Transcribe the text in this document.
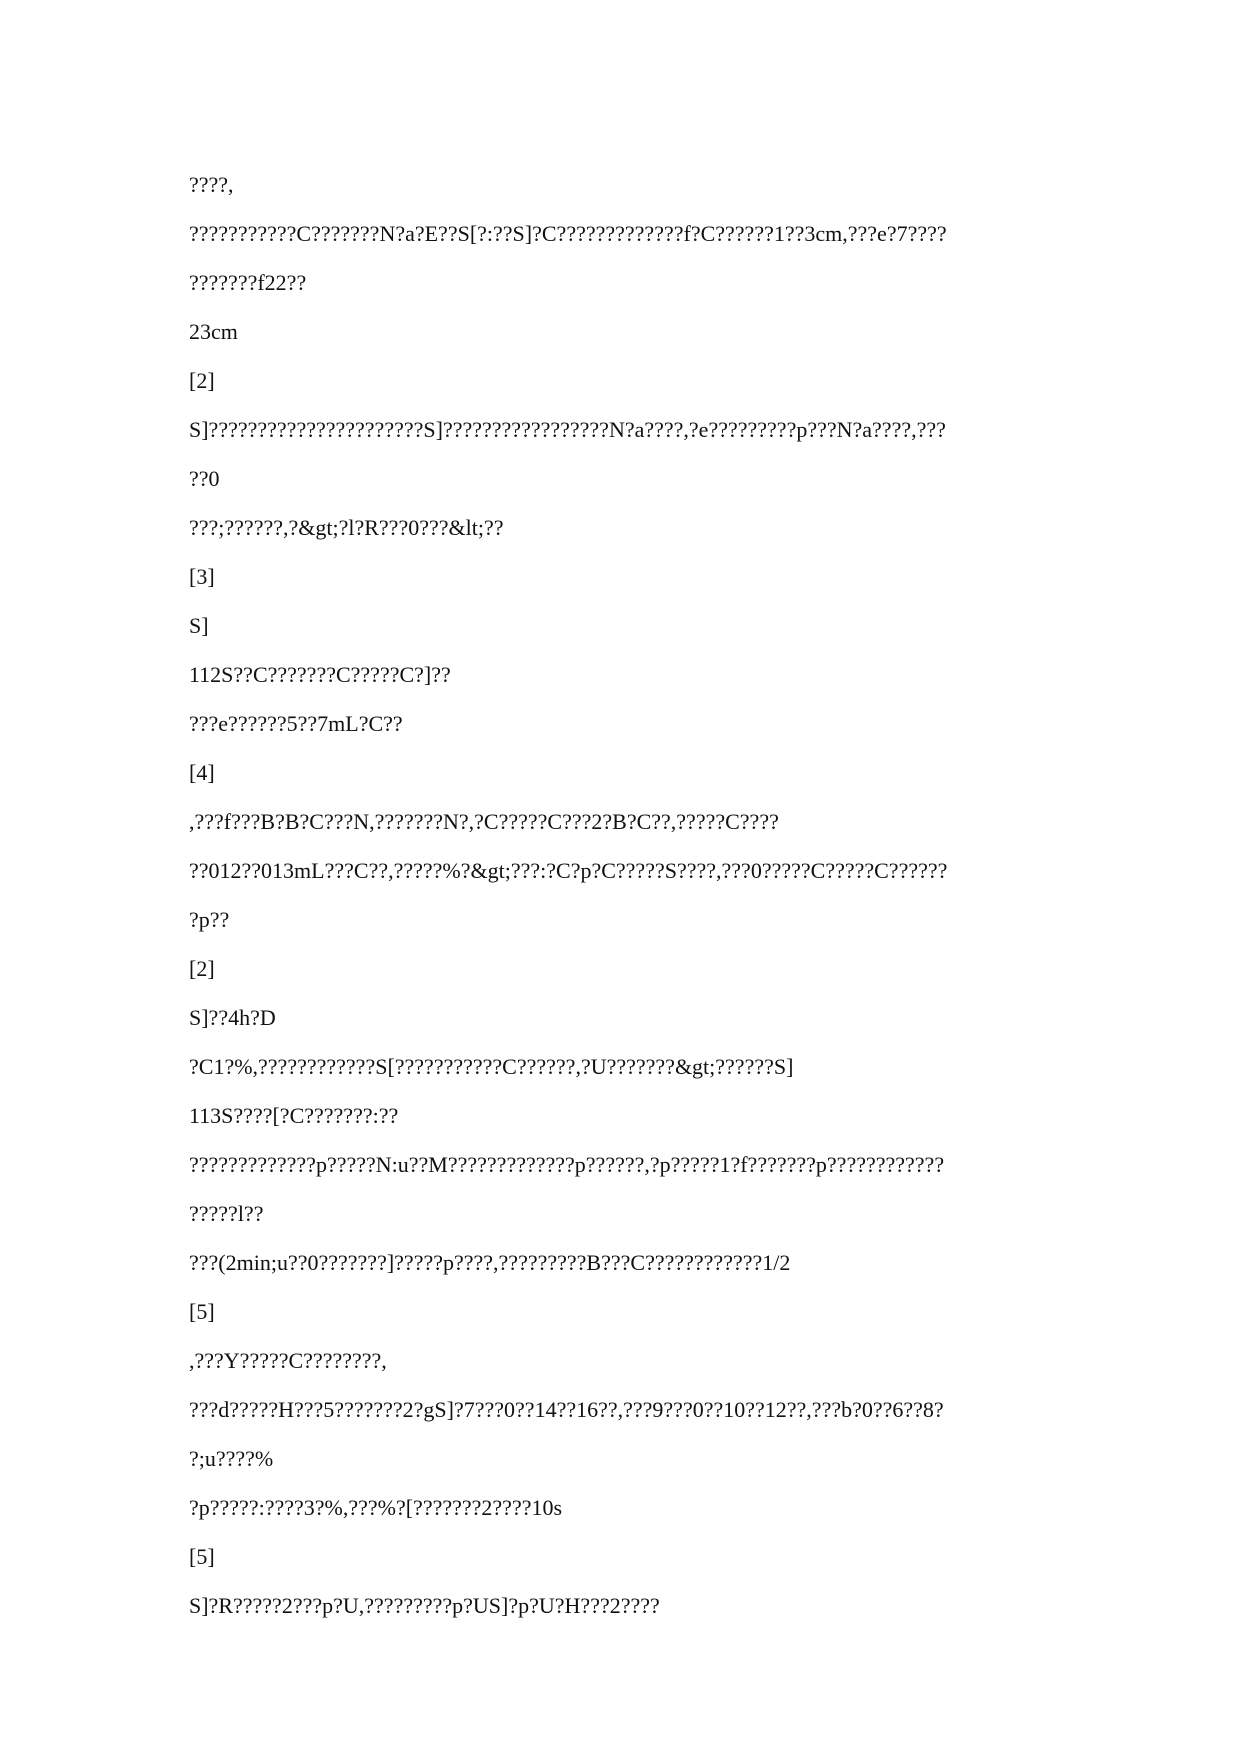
????,
???????????C???????N?a?E??S[?:??S]?C?????????????f?C??????1??3cm,???e?7????
???????f22??
23cm
[2]
S]??????????????????????S]?????????????????N?a????,?e?????????p???N?a????,???
??0
???;??????,?&gt;?l?R???0???&lt;??
[3]
S]
112S??C???????C?????C?]??
???e??????5??7mL?C??
[4]
,???f???B?B?C???N,???????N?,?C?????C???2?B?C??,?????C????
??012??013mL???C??,?????%?&gt;???:?C?p?C?????S????,???0?????C?????C??????
?p??
[2]
S]??4h?D
?C1?%,????????????S[???????????C??????,?U???????&gt;??????S]
113S????[?C???????:??
?????????????p?????N:u??M?????????????p??????,?p?????1?f???????p????????????
?????l??
???(2min;u??0???????]?????p????,?????????B???C????????????1/2
[5]
,???Y?????C????????,
???d?????H???5???????2?gS]?7???0??14??16??,???9???0??10??12??,???b?0??6??8?
?;u????%
?p?????:????3?%,???%?[???????2????10s
[5]
S]?R?????2???p?U,?????????p?US]?p?U?H???2????
